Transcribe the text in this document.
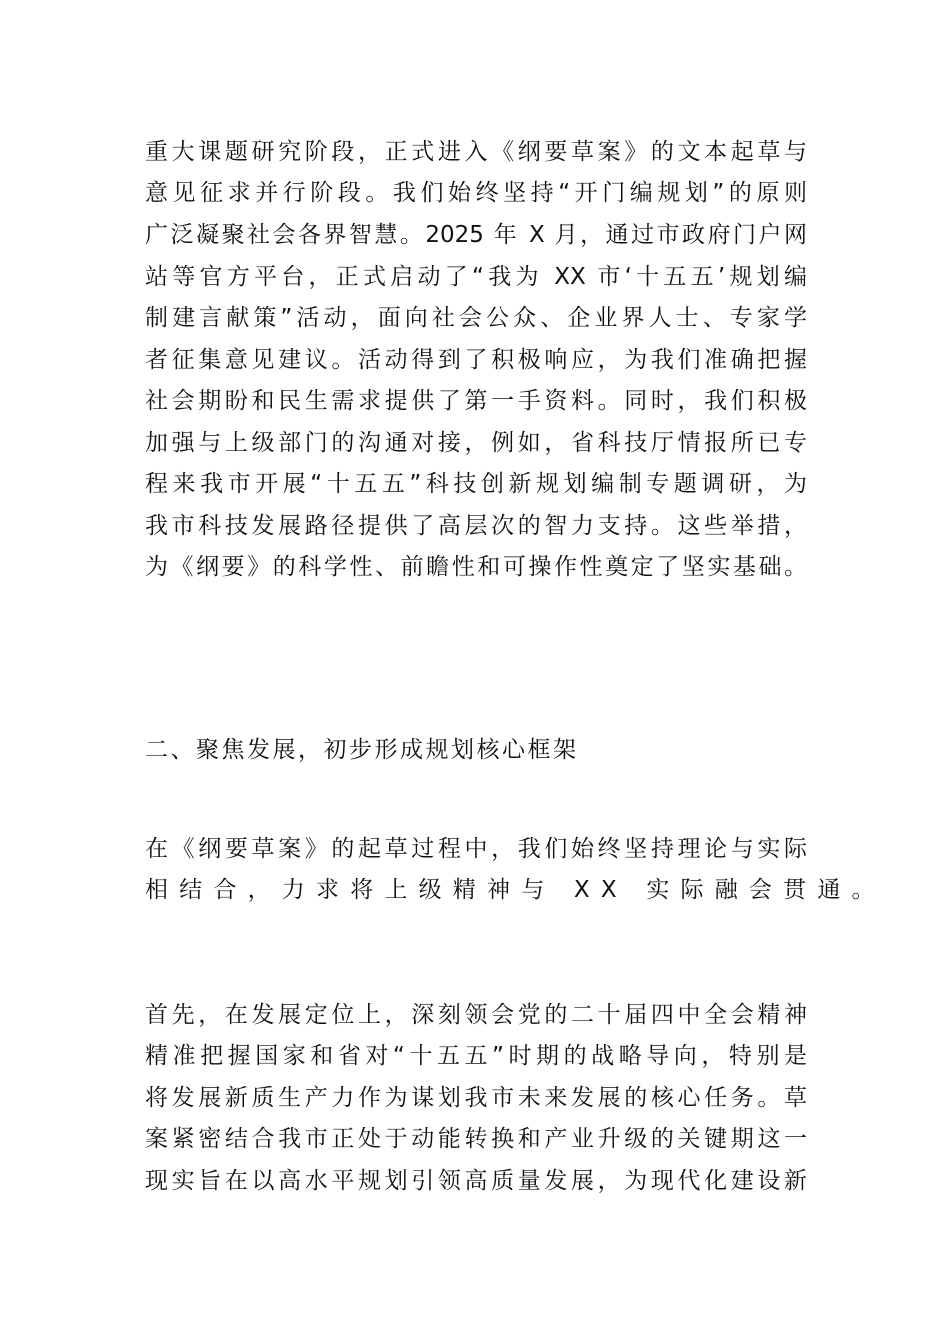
重大课题研究阶段，正式进入《纲要草案》的文本起草与
意见征求并行阶段。我们始终坚持“开门编规划”的原则
广泛凝聚社会各界智慧。2025 年 X 月，通过市政府门户网
站等官方平台，正式启动了“我为 XX 市‘十五五’规划编
制建言献策”活动，面向社会公众、企业界人士、专家学
者征集意见建议。活动得到了积极响应，为我们准确把握
社会期盼和民生需求提供了第一手资料。同时，我们积极
加强与上级部门的沟通对接，例如，省科技厅情报所已专
程来我市开展“十五五”科技创新规划编制专题调研，为
我市科技发展路径提供了高层次的智力支持。这些举措，
为《纲要》的科学性、前瞻性和可操作性奠定了坚实基础。
二、聚焦发展，初步形成规划核心框架
在《纲要草案》的起草过程中，我们始终坚持理论与实际
相结合，力求将上级精神与 XX 实际融会贯通。
首先，在发展定位上，深刻领会党的二十届四中全会精神
精准把握国家和省对“十五五”时期的战略导向，特别是
将发展新质生产力作为谋划我市未来发展的核心任务。草
案紧密结合我市正处于动能转换和产业升级的关键期这一
现实旨在以高水平规划引领高质量发展，为现代化建设新
